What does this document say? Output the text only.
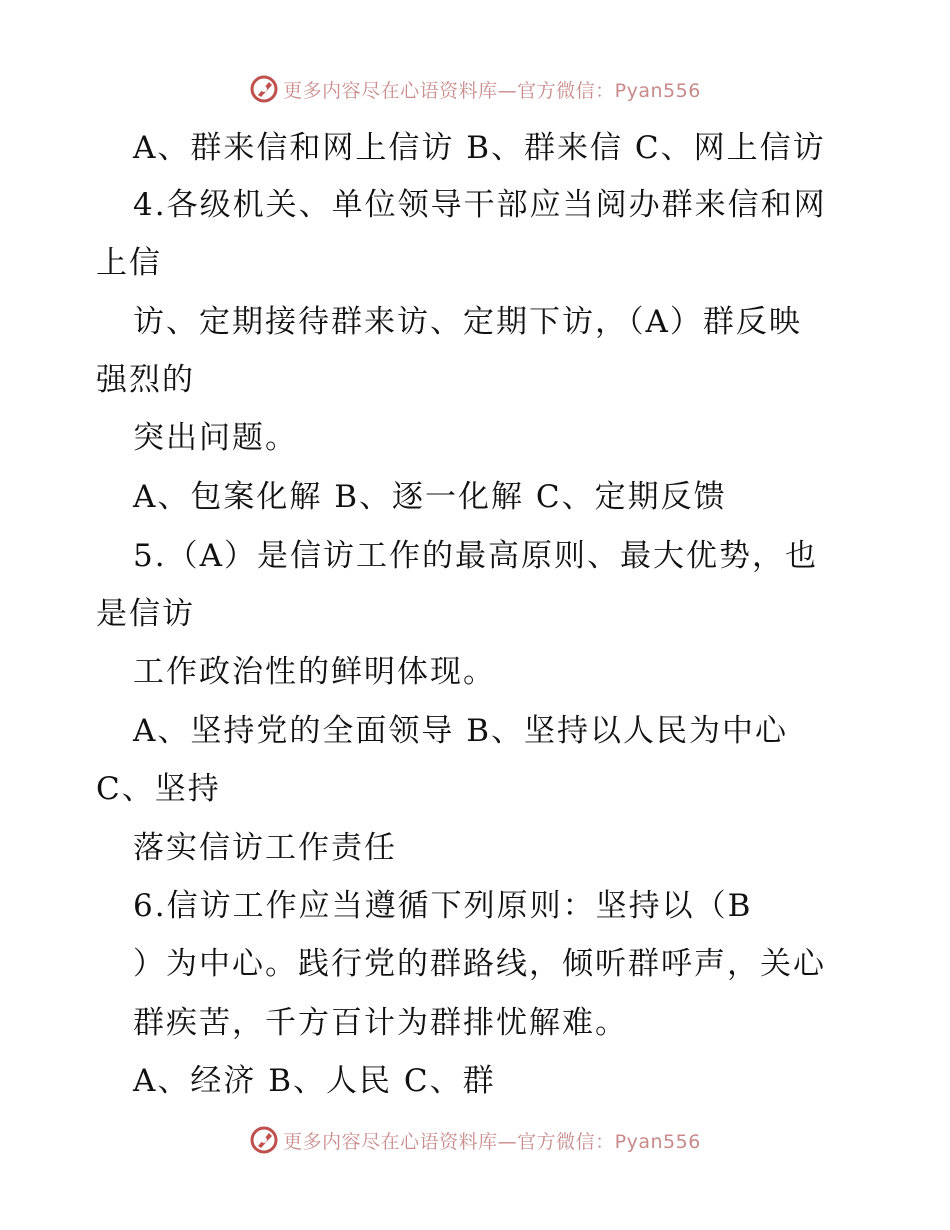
更多内容尽在心语资料库—官方微信：Pyan556
A、群来信和网上信访 B、群来信 C、网上信访
4.各级机关、单位领导干部应当阅办群来信和网
上信
访、定期接待群来访、定期下访，（A）群反映
强烈的
突出问题。
A、包案化解 B、逐一化解 C、定期反馈
5.（A）是信访工作的最高原则、最大优势，也
是信访
工作政治性的鲜明体现。
A、坚持党的全面领导 B、坚持以人民为中心
C、坚持
落实信访工作责任
6.信访工作应当遵循下列原则：坚持以（B
）为中心。践行党的群路线，倾听群呼声，关心
群疾苦，千方百计为群排忧解难。
A、经济 B、人民 C、群
更多内容尽在心语资料库—官方微信：Pyan556
